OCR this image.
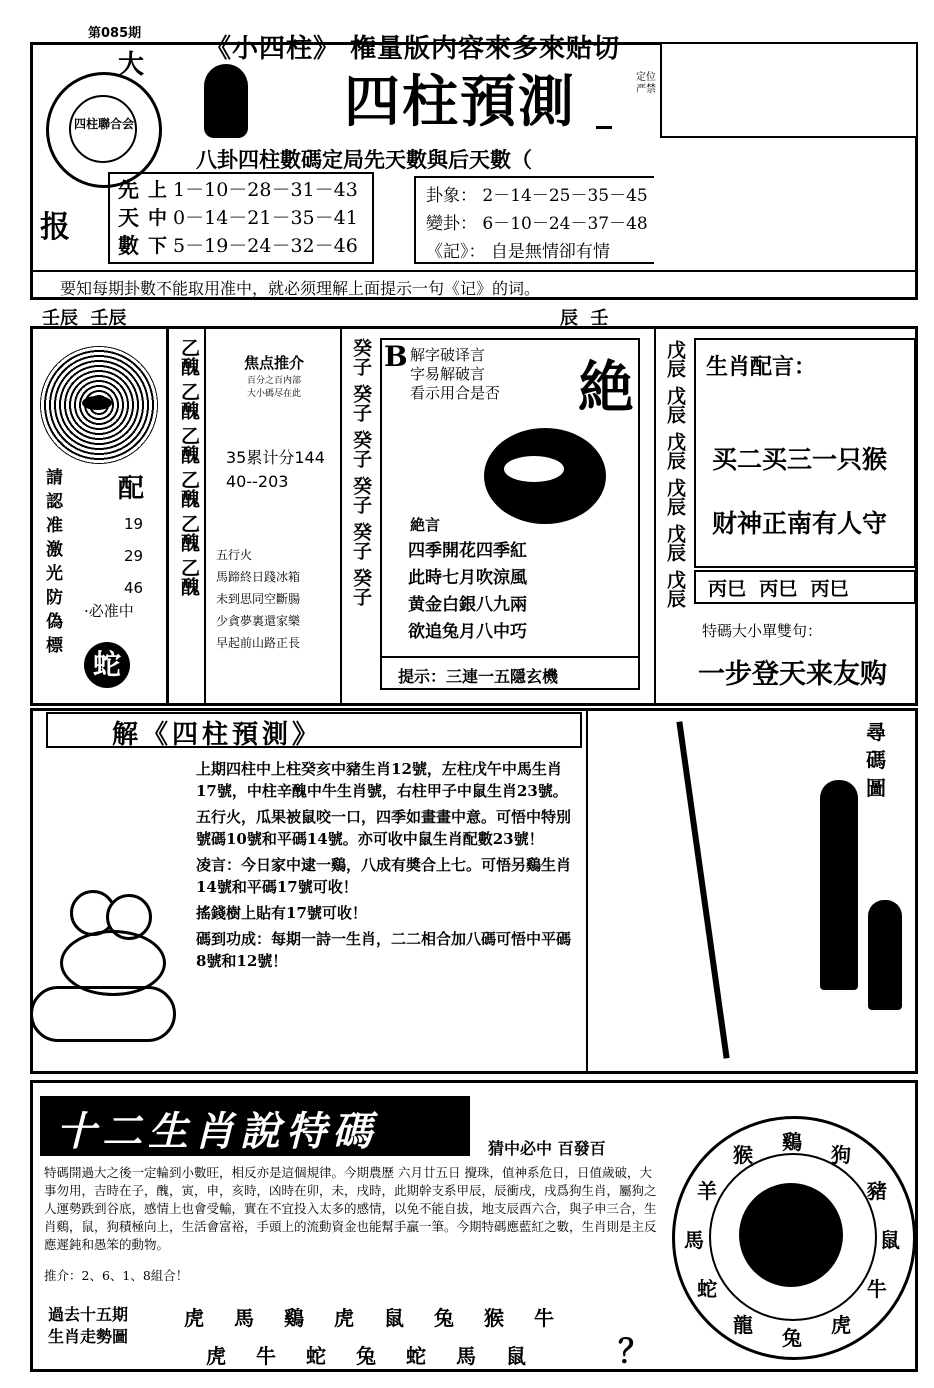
第085期
《小四柱》 権量版内容來多來贴切
大
四柱聯合会
报
四柱預測	定位
严禁
八卦四柱數碼定局先天數與后天數（
先
天
數
上 1－10－28－31－43
中 0－14－21－35－41
下 5－19－24－32－46
卦象： 2－14－25－35－45
變卦： 6－10－24－37－48
《記》： 自是無情卻有情
要知每期卦數不能取用准中，就必须理解上面提示一句《记》的词。
壬辰  壬辰	辰  壬
請
認
准
激
光
防
偽
標
配
19
29
46
·必准中
蛇
乙醜
乙醜
乙醜
乙醜
乙醜
乙醜
焦点推介
百分之百内部
大小碼尽在此
35累计分144
40--203
五行火
馬蹄終日踐冰箱
未到思同空斷腸
少貪夢裏還家樂
早起前山路正長
癸子
癸子
癸子
癸子
癸子
癸子
B 解字破译言
字易解破言
看示用合是否 絶
絶言
四季開花四季紅
此時七月吹涼風
黄金白銀八九兩
欲追兔月八中巧
提示：三連一五隱玄機
戊辰
戊辰
戊辰
戊辰
戊辰
戊辰
生肖配言：
买二买三一只猴
财神正南有人守
丙巳  丙巳  丙巳
特碼大小單雙句：
一步登天来友购
解《四柱預測》
上期四柱中上柱癸亥中豬生肖12號，左柱戊午中馬生肖17號，中柱辛醜中牛生肖號，右柱甲子中鼠生肖23號。
五行火，瓜果被鼠咬一口，四季如畫畫中意。可悟中特別號碼10號和平碼14號。亦可收中鼠生肖配數23號！
凌言：今日家中逮一鷄，八成有奬合上七。可悟另鷄生肖14號和平碼17號可收！
搖錢樹上貼有17號可收！
碼到功成：每期一詩一生肖，二二相合加八碼可悟中平碼8號和12號！
尋
碼
圖
十二生肖說特碼	猜中必中 百發百
特碼開過大之後一定輪到小數旺，相反亦是這個規律。今期農歷 六月廿五日 攪珠，值神系危日，日值歲破，大事勿用，吉時在子，醜，寅，申，亥時，凶時在卯，未，戌時，此期幹支系甲辰，辰衝戌，戌爲狗生肖，屬狗之人運勢跌到谷底，感情上也會受輸，實在不宜投入太多的感情，以免不能自拔，地支辰酉六合，與子申三合，生肖鷄，鼠，狗積極向上，生活會富裕，手頭上的流動資金也能幫手贏一筆。今期特碼應藍紅之數，生肖則是主反應遲鈍和愚笨的動物。
推介：2、6、1、8組合！
過去十五期
生肖走勢圖
虎 馬 鷄 虎 鼠 兔 猴 牛
虎 牛 蛇 兔 蛇 馬 鼠	？
狗
豬
鼠
牛
虎
兔
龍
蛇
馬
羊
猴
鷄
